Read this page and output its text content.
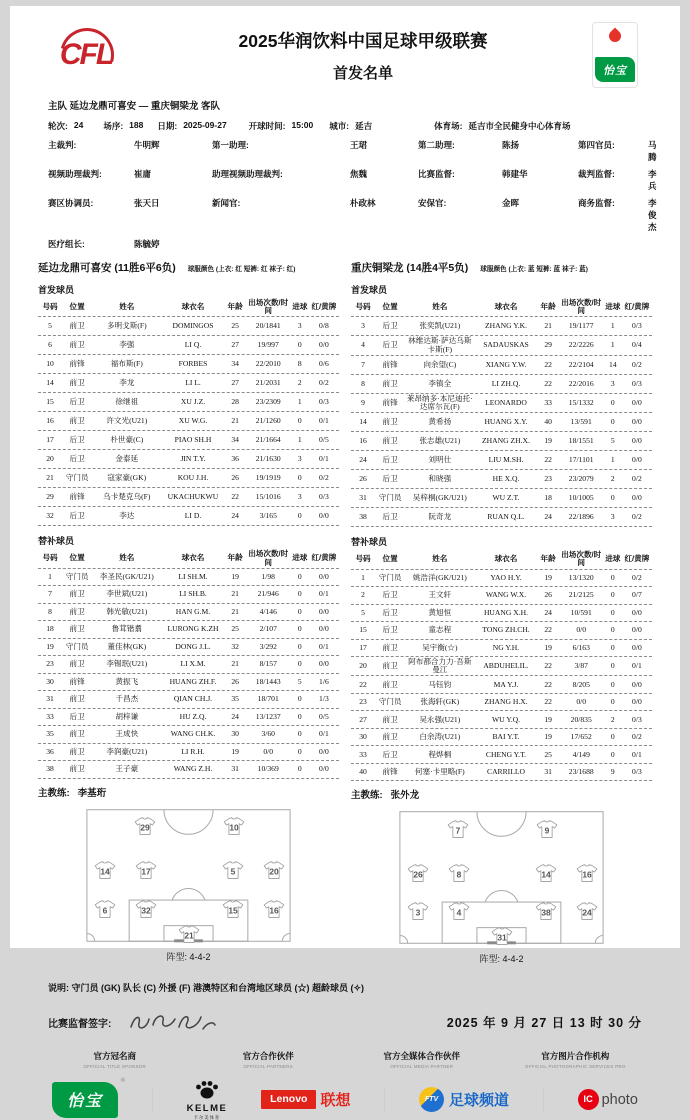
CFL	2025华润饮料中国足球甲级联赛
首发名单	怡宝
主队 延边龙鼎可喜安 — 重庆铜梁龙 客队
轮次: 24 场序: 188 日期: 2025-09-27	开球时间: 15:00 城市: 延吉	体育场: 延吉市全民健身中心体育场
主裁判:	牛明辉	第一助理:	王珺	第二助理:	陈扬	第四官员:	马腾
视频助理裁判:	崔庸	助理视频助理裁判:	焦魏	比赛监督:	韩建华	裁判监督:	李兵
赛区协调员:	张天日	新闻官:	朴政林	安保官:	金晖	商务监督:	李俊杰
医疗组长:	陈毓婷
延边龙鼎可喜安 (11胜6平6负) 球服颜色 (上衣: 红 短裤: 红 袜子: 红)
首发球员
号码	位置	姓名	球衣名	年龄 出场次数/时间	进球 红/黄牌
5	前卫	多明戈斯(F)	DOMINGOS	25	20/1841	3	0/8
6	前卫	李强	LI Q.	27	19/997	0	0/0
10	前锋	福布斯(F)	FORBES	34	22/2010	8	0/6
14	前卫	李龙	LI L.	27	21/2031	2	0/2
15	后卫	徐继祖	XU J.Z.	28	23/2309	1	0/3
16	前卫	许文光(U21)	XU W.G.	21	21/1260	0	0/1
17	后卫	朴世豪(C)	PIAO SH.H	34	21/1664	1	0/5
20	后卫	金泰延	JIN T.Y.	36	21/1630	3	0/1
21	守门员	寇家豪(GK)	KOU J.H.	26	19/1919	0	0/2
29	前锋	乌卡楚克乌(F)	UKACHUKWU	22	15/1016	3	0/3
32	后卫	李达	LI D.	24	3/165	0	0/0
替补球员
号码	位置	姓名	球衣名	年龄 出场次数/时间	进球 红/黄牌
1	守门员	李圣民(GK/U21)	LI SH.M.	19	1/98	0	0/0
7	前卫	李世斌(U21)	LI SH.B.	21	21/946	0	0/1
8	前卫	韩光敏(U21)	HAN G.M.	21	4/146	0	0/0
18	前卫	鲁茸锴翥	LURONG K.ZH	25	2/107	0	0/0
19	守门员	董佳林(GK)	DONG J.L.	32	3/292	0	0/1
23	前卫	李锡珉(U21)	LI X.M.	21	8/157	0	0/0
30	前锋	黄振飞	HUANG ZH.F.	26	18/1443	5	1/6
31	前卫	千昌杰	QIAN CH.J.	35	18/701	0	1/3
33	后卫	胡梓谦	HU Z.Q.	24	13/1237	0	0/5
35	前卫	王成快	WANG CH.K.	30	3/60	0	0/1
36	前卫	李润豪(U21)	LI R.H.	19	0/0	0	0/0
38	前卫	王子豪	WANG Z.H.	31	10/369	0	0/0
主教练: 李基珩
29	10
14	17	5	20
6	32	15	16
21
阵型: 4-4-2
重庆铜梁龙 (14胜4平5负) 球服颜色 (上衣: 蓝 短裤: 蓝 袜子: 蓝)
首发球员
号码	位置	姓名	球衣名	年龄 出场次数/时间	进球 红/黄牌
3	后卫	张奕凯(U21)	ZHANG Y.K.	21	19/1177	1	0/3
4	后卫	林维达斯·萨达乌斯卡斯(F)	SADAUSKAS	29	22/2226	1	0/4
7	前锋	向余望(C)	XIANG Y.W.	22	22/2104	14	0/2
8	前卫	李镇全	LI ZH.Q.	22	22/2016	3	0/3
9	前锋	莱昂纳多·本尼迪托·达席尔瓦(F)	LEONARDO	33	15/1332	0	0/0
14	前卫	黄希扬	HUANG X.Y.	40	13/591	0	0/0
16	前卫	张志雄(U21)	ZHANG ZH.X.	19	18/1551	5	0/0
24	后卫	刘明仕	LIU M.SH.	22	17/1101	1	0/0
26	后卫	和晓强	HE X.Q.	23	23/2079	2	0/2
31	守门员	吴梓桐(GK/U21)	WU Z.T.	18	10/1005	0	0/0
38	后卫	阮奇龙	RUAN Q.L.	24	22/1896	3	0/2
替补球员
号码	位置	姓名	球衣名	年龄 出场次数/时间	进球 红/黄牌
1	守门员	姚浩洋(GK/U21)	YAO H.Y.	19	13/1320	0	0/2
2	后卫	王文轩	WANG W.X.	26	21/2125	0	0/7
5	后卫	黄旭恒	HUANG X.H.	24	10/591	0	0/0
15	后卫	童志程	TONG ZH.CH.	22	0/0	0	0/0
17	前卫	吴宇衡(☆)	NG Y.H.	19	6/163	0	0/0
20	前卫	阿布都合力力·吾斯曼江	ABDUHELIL.	22	3/87	0	0/1
22	前卫	马钰钧	MA Y.J.	22	8/205	0	0/0
23	守门员	张海轩(GK)	ZHANG H.X.	22	0/0	0	0/0
27	前卫	吴永强(U21)	WU Y.Q.	19	20/835	2	0/3
30	前卫	白余涛(U21)	BAI Y.T.	19	17/652	0	0/2
33	后卫	程烨桐	CHENG Y.T.	25	4/149	0	0/1
40	前锋	何塞·卡里略(F)	CARRILLO	31	23/1688	9	0/3
主教练: 张外龙
7	9
26	8	14	16
3	4	38	24
31
阵型: 4-4-2
说明: 守门员 (GK) 队长 (C) 外援 (F) 港澳特区和台湾地区球员 (☆) 超龄球员 (✧)
比赛监督签字:	2025 年 9 月 27 日 13 时 30 分
官方冠名商
OFFICIAL TITLE SPONSOR
官方合作伙伴
OFFICIAL PARTNERS
官方全媒体合作伙伴
OFFICIAL MEDIA PARTNER
官方图片合作机构
OFFICIAL PHOTOGRAPHIC SERVICES PRO
怡宝
®
KELME
卡尔美体育
Lenovo 联想	FTV 足球频道	IC photo
